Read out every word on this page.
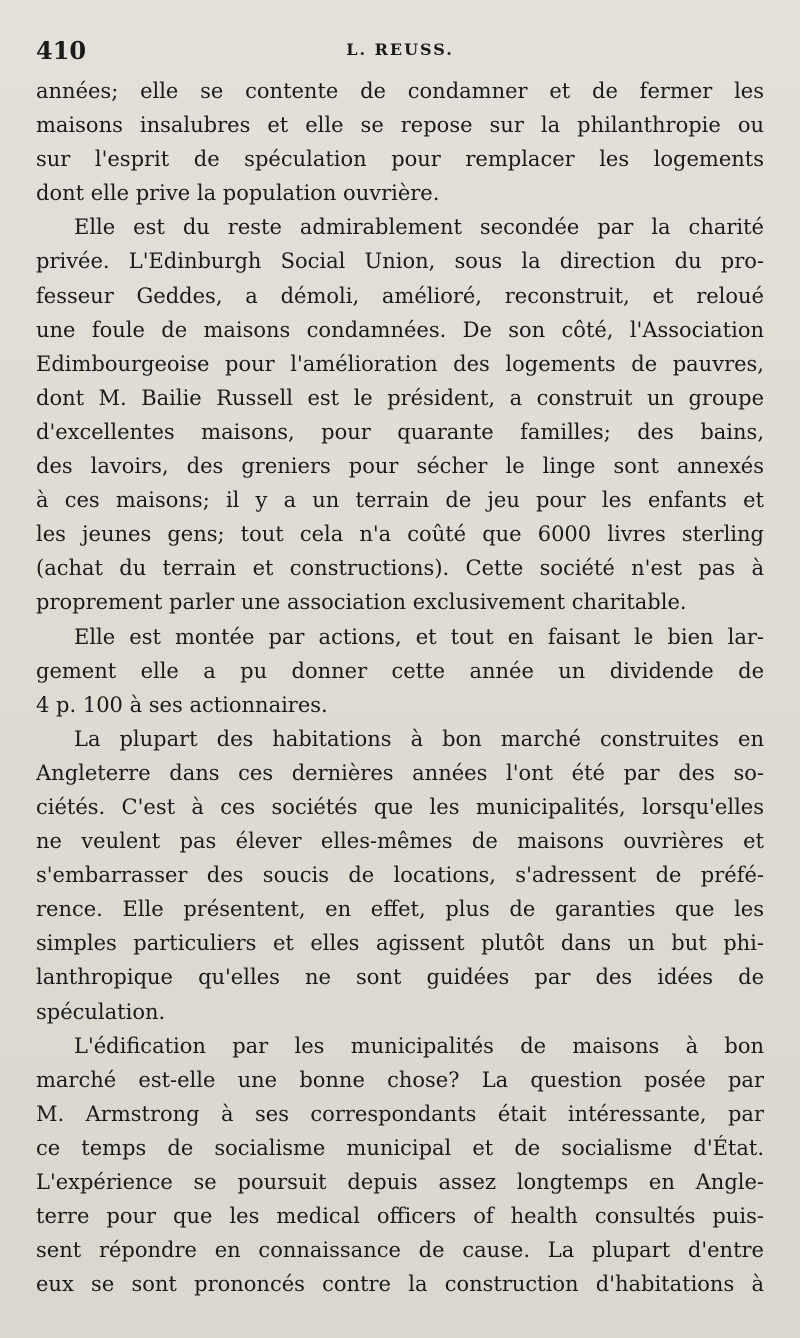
410	L. REUSS.
années; elle se contente de condamner et de fermer les
maisons insalubres et elle se repose sur la philanthropie ou
sur l'esprit de spéculation pour remplacer les logements
dont elle prive la population ouvrière.
Elle est du reste admirablement secondée par la charité
privée. L'Edinburgh Social Union, sous la direction du pro-
fesseur Geddes, a démoli, amélioré, reconstruit, et reloué
une foule de maisons condamnées. De son côté, l'Association
Edimbourgeoise pour l'amélioration des logements de pauvres,
dont M. Bailie Russell est le président, a construit un groupe
d'excellentes maisons, pour quarante familles; des bains,
des lavoirs, des greniers pour sécher le linge sont annexés
à ces maisons; il y a un terrain de jeu pour les enfants et
les jeunes gens; tout cela n'a coûté que 6000 livres sterling
(achat du terrain et constructions). Cette société n'est pas à
proprement parler une association exclusivement charitable.
Elle est montée par actions, et tout en faisant le bien lar-
gement elle a pu donner cette année un dividende de
4 p. 100 à ses actionnaires.
La plupart des habitations à bon marché construites en
Angleterre dans ces dernières années l'ont été par des so-
ciétés. C'est à ces sociétés que les municipalités, lorsqu'elles
ne veulent pas élever elles-mêmes de maisons ouvrières et
s'embarrasser des soucis de locations, s'adressent de préfé-
rence. Elle présentent, en effet, plus de garanties que les
simples particuliers et elles agissent plutôt dans un but phi-
lanthropique qu'elles ne sont guidées par des idées de
spéculation.
L'édification par les municipalités de maisons à bon
marché est-elle une bonne chose? La question posée par
M. Armstrong à ses correspondants était intéressante, par
ce temps de socialisme municipal et de socialisme d'État.
L'expérience se poursuit depuis assez longtemps en Angle-
terre pour que les medical officers of health consultés puis-
sent répondre en connaissance de cause. La plupart d'entre
eux se sont prononcés contre la construction d'habitations à
